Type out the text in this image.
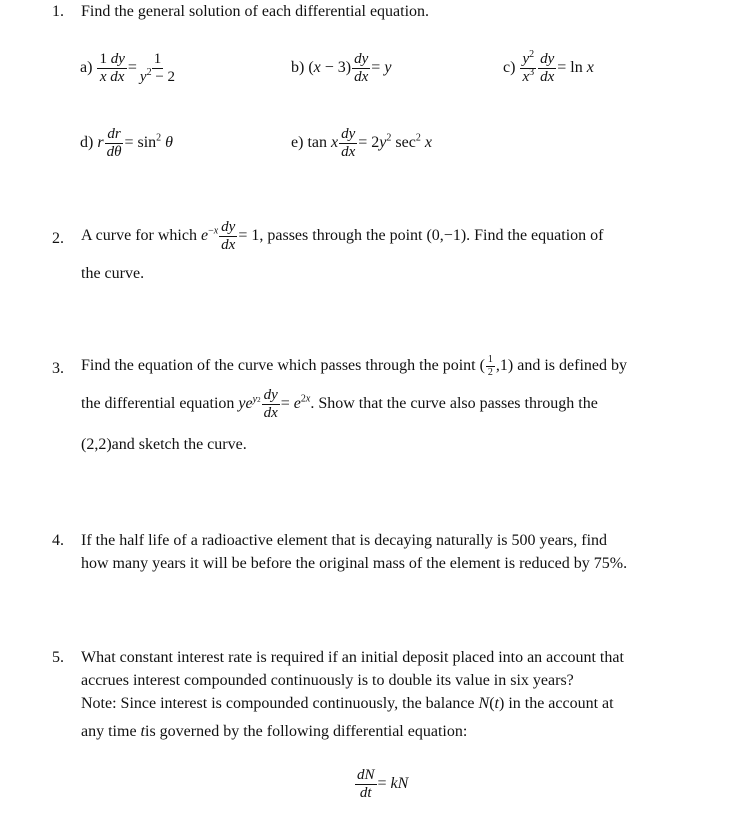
1. Find the general solution of each differential equation.
$a) \frac{1 dy}{\text{x dx}} = \frac{1}{y^2 - 2}$	b) $(x - 3) \frac{dy}{dx} = y$	$c) \frac{y^2}{x^3} \frac{dy}{dx} = \ln x$
d) r $\frac{dr}{d\theta} = \sin^2 \theta$	e) tan x $\frac{dy}{dx} = 2y^2$ $\sec^2 x$
2. A curve for which $e^{-x} \frac{dy}{dx} = 1$, passes through the point (0,−1). Find the equation of
the curve.
3. Find the equation of the curve which passes through the point ( $\frac{1}{2} ,1$) and is defined by
the differential equation $ye^{y2} \frac{dy}{dx} = e^{2x}$. Show that the curve also passes through the
(2,2)and sketch the curve.
4. If the half life of a radioactive element that is decaying naturally is 500 years, find
how many years it will be before the original mass of the element is reduced by 75%.
5. What constant interest rate is required if an initial deposit placed into an account that
accrues interest compounded continuously is to double its value in six years?
Note: Since interest is compounded continuously, the balance N(t) in the account at
any time tis governed by the following differential equation:
$\frac{dN}{dt}$ = kN
